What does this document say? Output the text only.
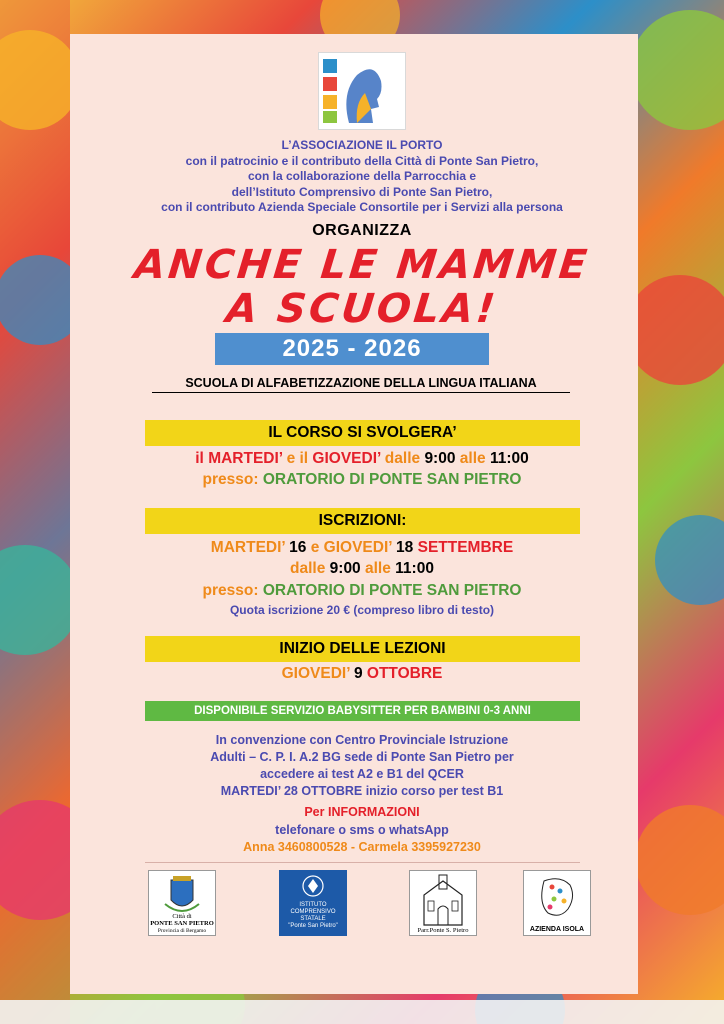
L’ASSOCIAZIONE IL PORTO
con il patrocinio e il contributo della Città di Ponte San Pietro,
con la collaborazione della Parrocchia e
dell’Istituto Comprensivo di Ponte San Pietro,
con il contributo Azienda Speciale Consortile per i Servizi alla persona
ORGANIZZA
ANCHE LE MAMME
A SCUOLA!
2025 - 2026
SCUOLA DI ALFABETIZZAZIONE DELLA LINGUA ITALIANA
IL CORSO SI SVOLGERA’
il MARTEDI’ e il GIOVEDI’ dalle 9:00 alle 11:00
presso: ORATORIO DI PONTE SAN PIETRO
ISCRIZIONI:
MARTEDI’ 16 e GIOVEDI’ 18 SETTEMBRE
dalle 9:00 alle 11:00
presso: ORATORIO DI PONTE SAN PIETRO
Quota iscrizione 20 € (compreso libro di testo)
INIZIO DELLE LEZIONI
GIOVEDI’ 9 OTTOBRE
DISPONIBILE SERVIZIO BABYSITTER PER BAMBINI 0-3 ANNI
In convenzione con Centro Provinciale Istruzione
Adulti – C. P. I. A.2 BG sede di Ponte San Pietro per
accedere ai test A2 e B1 del QCER
MARTEDI’ 28 OTTOBRE inizio corso per test B1
Per INFORMAZIONI
telefonare o sms o whatsApp
Anna 3460800528 - Carmela 3395927230
Città di
PONTE SAN PIETRO
Provincia di Bergamo
ISTITUTO
COMPRENSIVO
STATALE
"Ponte San Pietro"
Parr.Ponte S. Pietro	AZIENDA ISOLA
